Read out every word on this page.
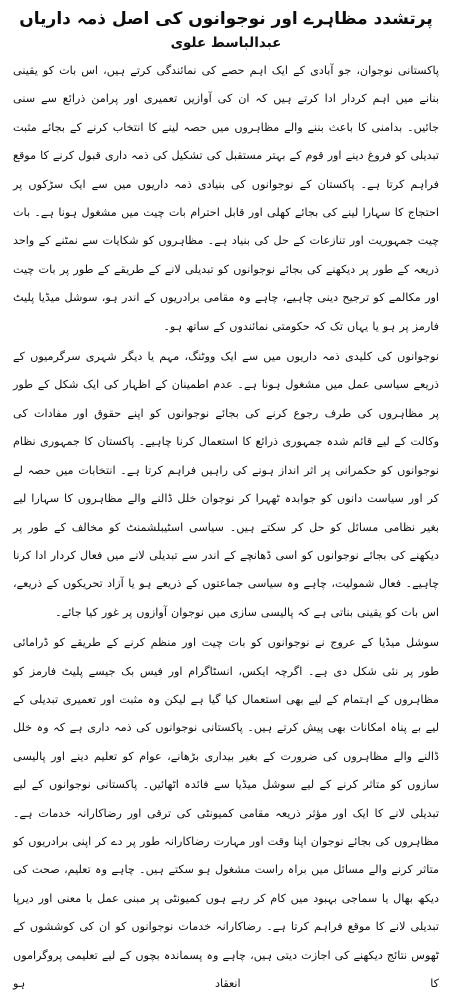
پرتشدد مظاہرے اور نوجوانوں کی اصل ذمہ داریاں
عبدالباسط علوی

پاکستانی نوجوان، جو آبادی کے ایک اہم حصے کی نمائندگی کرتے ہیں، اس بات کو یقینی بنانے میں اہم کردار ادا کرتے ہیں کہ ان کی آوازیں تعمیری اور پرامن ذرائع سے سنی جائیں۔ بدامنی کا باعث بننے والے مظاہروں میں حصہ لینے کا انتخاب کرنے کے بجائے مثبت تبدیلی کو فروغ دینے اور قوم کے بہتر مستقبل کی تشکیل کی ذمہ داری قبول کرنے کا موقع فراہم کرتا ہے۔ پاکستان کے نوجوانوں کی بنیادی ذمہ داریوں میں سے ایک سڑکوں پر احتجاج کا سہارا لینے کی بجائے کھلی اور قابل احترام بات چیت میں مشغول ہونا ہے۔ بات چیت جمہوریت اور تنازعات کے حل کی بنیاد ہے۔ مظاہروں کو شکایات سے نمٹنے کے واحد ذریعہ کے طور پر دیکھنے کی بجائے نوجوانوں کو تبدیلی لانے کے طریقے کے طور پر بات چیت اور مکالمے کو ترجیح دینی چاہیے، چاہے وہ مقامی برادریوں کے اندر ہو، سوشل میڈیا پلیٹ فارمز پر ہو یا یہاں تک کہ حکومتی نمائندوں کے ساتھ ہو۔

نوجوانوں کی کلیدی ذمہ داریوں میں سے ایک ووٹنگ، مہم یا دیگر شہری سرگرمیوں کے ذریعے سیاسی عمل میں مشغول ہونا ہے۔ عدم اطمینان کے اظہار کی ایک شکل کے طور پر مظاہروں کی طرف رجوع کرنے کی بجائے نوجوانوں کو اپنے حقوق اور مفادات کی وکالت کے لیے قائم شدہ جمہوری ذرائع کا استعمال کرنا چاہیے۔ پاکستان کا جمہوری نظام نوجوانوں کو حکمرانی پر اثر انداز ہونے کی راہیں فراہم کرتا ہے۔ انتخابات میں حصہ لے کر اور سیاست دانوں کو جوابدہ ٹھہرا کر نوجوان خلل ڈالنے والے مظاہروں کا سہارا لیے بغیر نظامی مسائل کو حل کر سکتے ہیں۔ سیاسی اسٹیبلشمنٹ کو مخالف کے طور پر دیکھنے کی بجائے نوجوانوں کو اسی ڈھانچے کے اندر سے تبدیلی لانے میں فعال کردار ادا کرنا چاہیے۔ فعال شمولیت، چاہے وہ سیاسی جماعتوں کے ذریعے ہو یا آزاد تحریکوں کے ذریعے، اس بات کو یقینی بناتی ہے کہ پالیسی سازی میں نوجوان آوازوں پر غور کیا جائے۔

سوشل میڈیا کے عروج نے نوجوانوں کو بات چیت اور منظم کرنے کے طریقے کو ڈرامائی طور پر نئی شکل دی ہے۔ اگرچہ ایکس، انسٹاگرام اور فیس بک جیسے پلیٹ فارمز کو مظاہروں کے اہتمام کے لیے بھی استعمال کیا گیا ہے لیکن وہ مثبت اور تعمیری تبدیلی کے لیے بے پناہ امکانات بھی پیش کرتے ہیں۔ پاکستانی نوجوانوں کی ذمہ داری ہے کہ وہ خلل ڈالنے والے مظاہروں کی ضرورت کے بغیر بیداری بڑھانے، عوام کو تعلیم دینے اور پالیسی سازوں کو متاثر کرنے کے لیے سوشل میڈیا سے فائدہ اٹھائیں۔ پاکستانی نوجوانوں کے لیے تبدیلی لانے کا ایک اور مؤثر ذریعہ مقامی کمیونٹی کی ترقی اور رضاکارانہ خدمات ہے۔ مظاہروں کی بجائے نوجوان اپنا وقت اور مہارت رضاکارانہ طور پر دے کر اپنی برادریوں کو متاثر کرنے والے مسائل میں براہ راست مشغول ہو سکتے ہیں۔ چاہے وہ تعلیم، صحت کی دیکھ بھال یا سماجی بہبود میں کام کر رہے ہوں کمیونٹی پر مبنی عمل با معنی اور دیرپا تبدیلی لانے کا موقع فراہم کرتا ہے۔ رضاکارانہ خدمات نوجوانوں کو ان کی کوششوں کے ٹھوس نتائج دیکھنے کی اجازت دیتی ہیں، چاہے وہ پسماندہ بچوں کے لیے تعلیمی پروگراموں کا انعقاد ہو
